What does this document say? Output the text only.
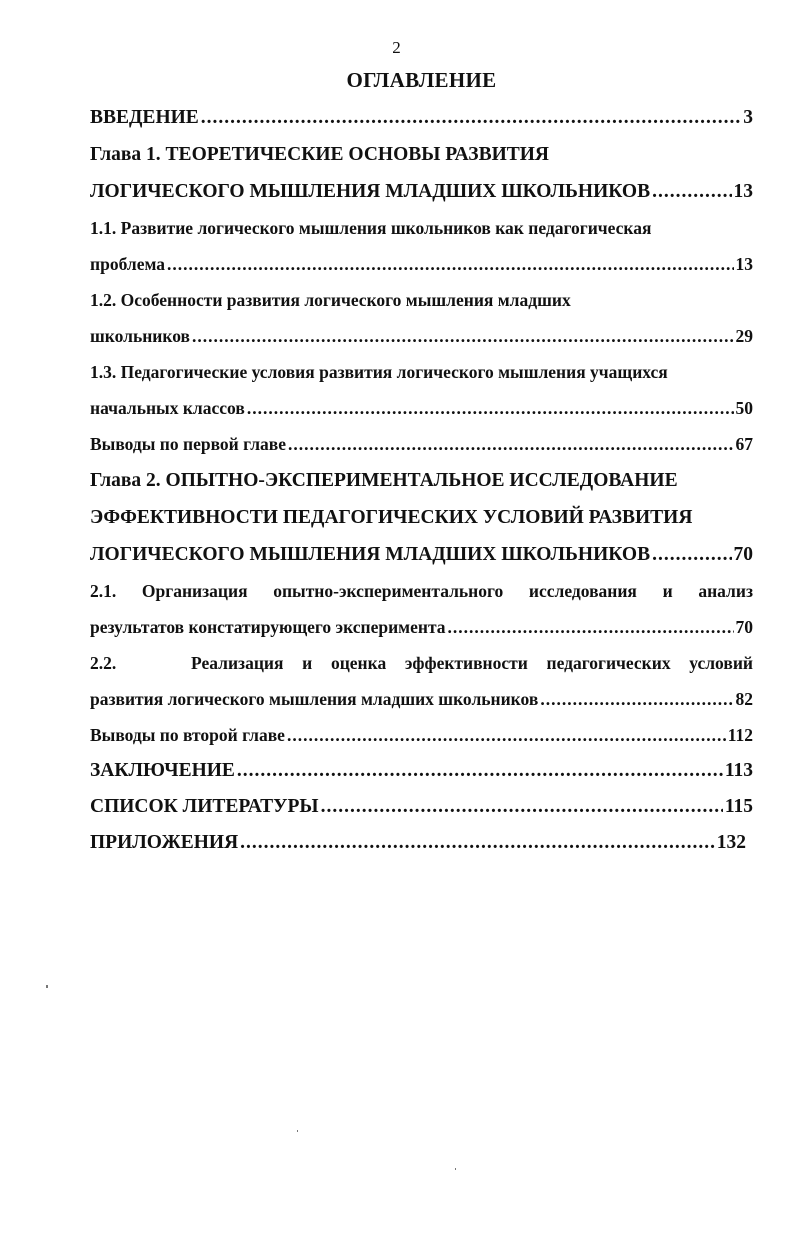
2
ОГЛАВЛЕНИЕ
ВВЕДЕНИЕ .....	3
Глава 1. ТЕОРЕТИЧЕСКИЕ ОСНОВЫ РАЗВИТИЯ
ЛОГИЧЕСКОГО МЫШЛЕНИЯ МЛАДШИХ ШКОЛЬНИКОВ .....	13
1.1. Развитие логического мышления школьников как педагогическая
проблема .....	13
1.2. Особенности развития логического мышления младших
школьников .....	29
1.3. Педагогические условия развития логического мышления учащихся
начальных классов .....	50
Выводы по первой главе .....	67
Глава 2. ОПЫТНО-ЭКСПЕРИМЕНТАЛЬНОЕ ИССЛЕДОВАНИЕ
ЭФФЕКТИВНОСТИ ПЕДАГОГИЧЕСКИХ УСЛОВИЙ РАЗВИТИЯ
ЛОГИЧЕСКОГО МЫШЛЕНИЯ МЛАДШИХ ШКОЛЬНИКОВ .....	70
2.1. Организация опытно-экспериментального исследования и анализ
результатов констатирующего эксперимента .....	70
2.2.    Реализация и оценка эффективности педагогических условий
развития логического мышления младших школьников .....	82
Выводы по второй главе .....	112
ЗАКЛЮЧЕНИЕ .....	113
СПИСОК ЛИТЕРАТУРЫ .....	115
ПРИЛОЖЕНИЯ .....	132
